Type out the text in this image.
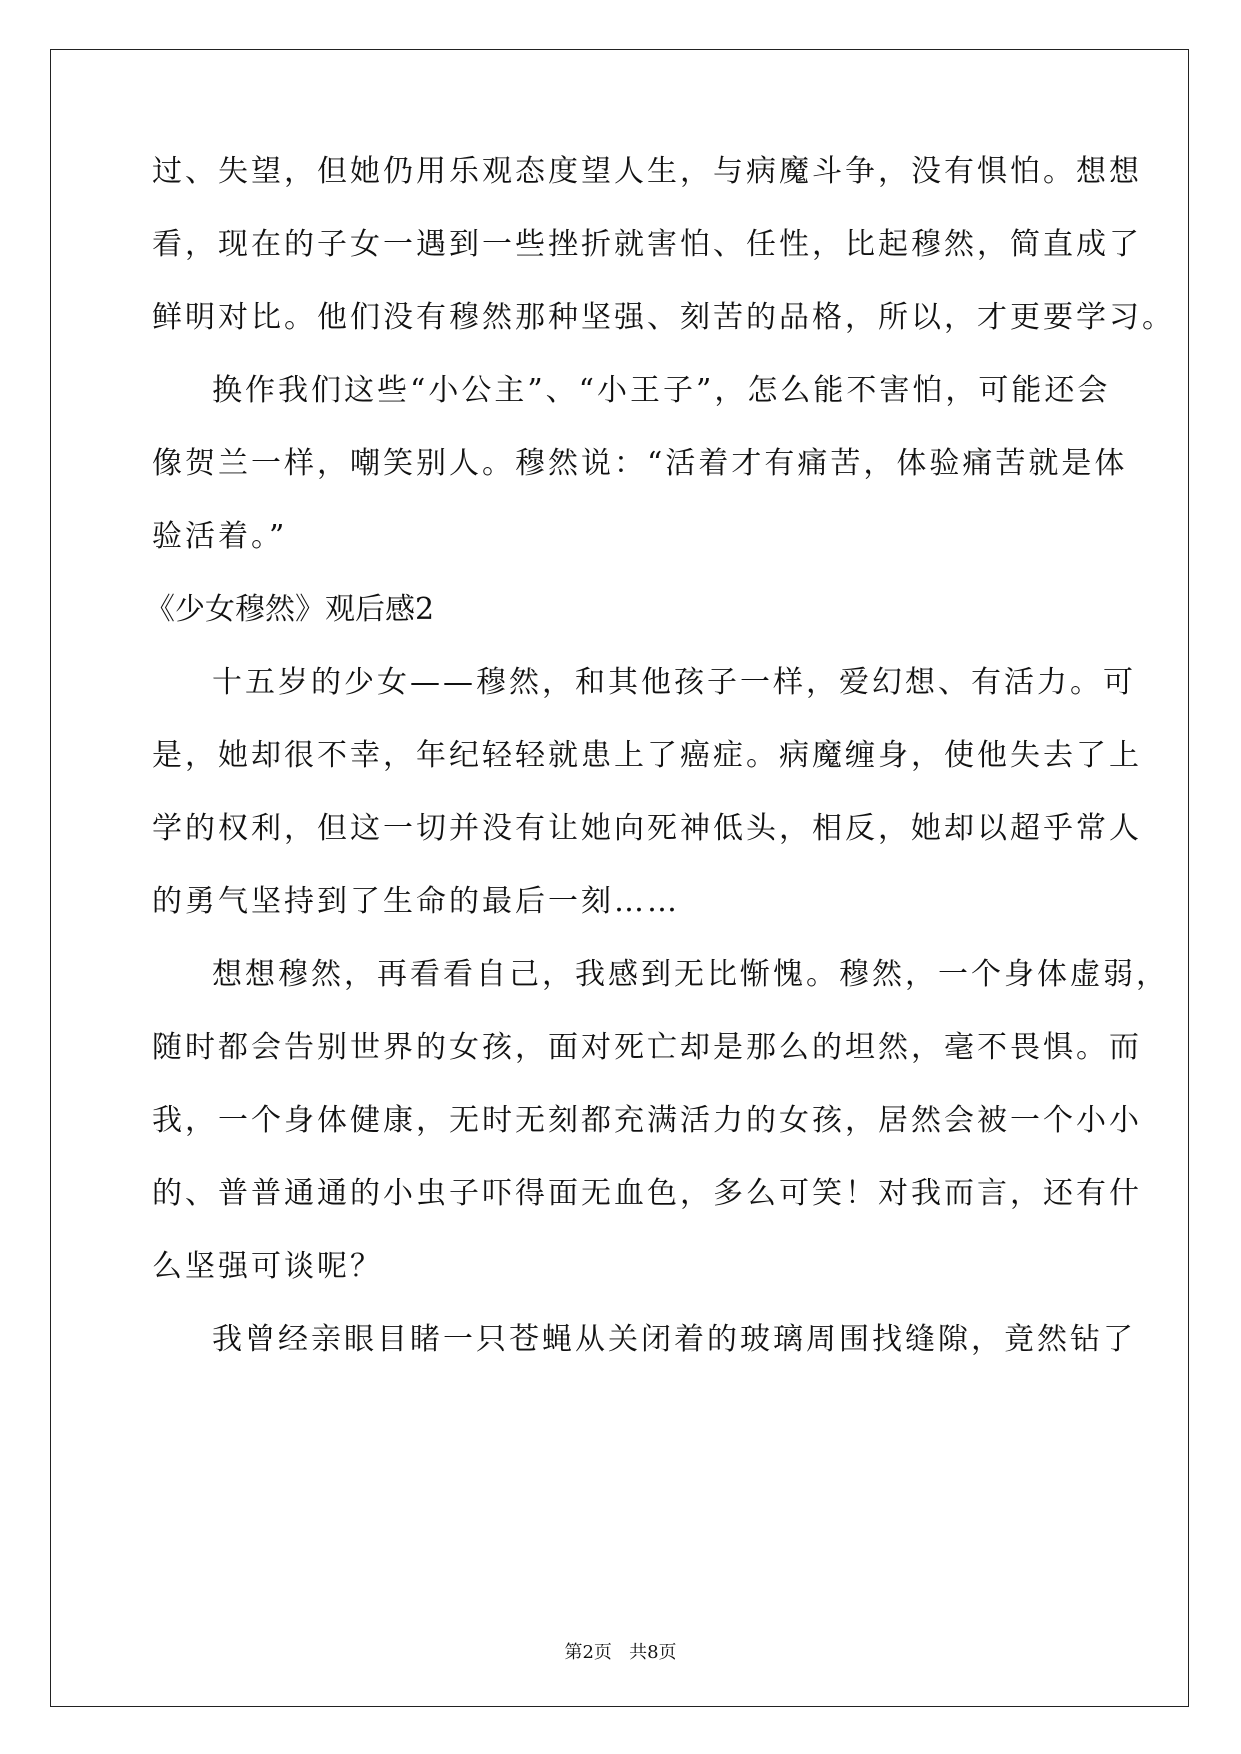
过、失望，但她仍用乐观态度望人生，与病魔斗争，没有惧怕。想想
看，现在的子女一遇到一些挫折就害怕、任性，比起穆然，简直成了
鲜明对比。他们没有穆然那种坚强、刻苦的品格，所以，才更要学习。
换作我们这些“小公主”、“小王子”，怎么能不害怕，可能还会
像贺兰一样，嘲笑别人。穆然说：“活着才有痛苦，体验痛苦就是体
验活着。”
《少女穆然》观后感2
十五岁的少女——穆然，和其他孩子一样，爱幻想、有活力。可
是，她却很不幸，年纪轻轻就患上了癌症。病魔缠身，使他失去了上
学的权利，但这一切并没有让她向死神低头，相反，她却以超乎常人
的勇气坚持到了生命的最后一刻……
想想穆然，再看看自己，我感到无比惭愧。穆然，一个身体虚弱，
随时都会告别世界的女孩，面对死亡却是那么的坦然，毫不畏惧。而
我，一个身体健康，无时无刻都充满活力的女孩，居然会被一个小小
的、普普通通的小虫子吓得面无血色，多么可笑！对我而言，还有什
么坚强可谈呢？
我曾经亲眼目睹一只苍蝇从关闭着的玻璃周围找缝隙，竟然钻了
第2页   共8页
